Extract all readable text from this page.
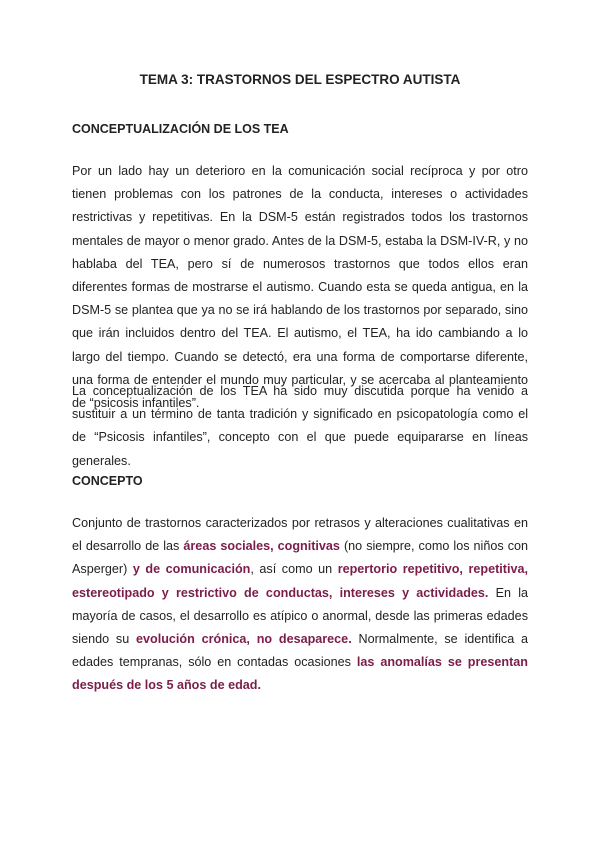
TEMA 3: TRASTORNOS DEL ESPECTRO AUTISTA
CONCEPTUALIZACIÓN DE LOS TEA
Por un lado hay un deterioro en la comunicación social recíproca y por otro tienen problemas con los patrones de la conducta, intereses o actividades restrictivas y repetitivas. En la DSM-5 están registrados todos los trastornos mentales de mayor o menor grado. Antes de la DSM-5, estaba la DSM-IV-R, y no hablaba del TEA, pero sí de numerosos trastornos que todos ellos eran diferentes formas de mostrarse el autismo. Cuando esta se queda antigua, en la DSM-5 se plantea que ya no se irá hablando de los trastornos por separado, sino que irán incluidos dentro del TEA. El autismo, el TEA, ha ido cambiando a lo largo del tiempo. Cuando se detectó, era una forma de comportarse diferente, una forma de entender el mundo muy particular, y se acercaba al planteamiento de “psicosis infantiles”.
La conceptualización de los TEA ha sido muy discutida porque ha venido a sustituir a un término de tanta tradición y significado en psicopatología como el de “Psicosis infantiles”, concepto con el que puede equipararse en líneas generales.
CONCEPTO
Conjunto de trastornos caracterizados por retrasos y alteraciones cualitativas en el desarrollo de las áreas sociales, cognitivas (no siempre, como los niños con Asperger) y de comunicación, así como un repertorio repetitivo, repetitiva, estereotipado y restrictivo de conductas, intereses y actividades. En la mayoría de casos, el desarrollo es atípico o anormal, desde las primeras edades siendo su evolución crónica, no desaparece. Normalmente, se identifica a edades tempranas, sólo en contadas ocasiones las anomalías se presentan después de los 5 años de edad.
